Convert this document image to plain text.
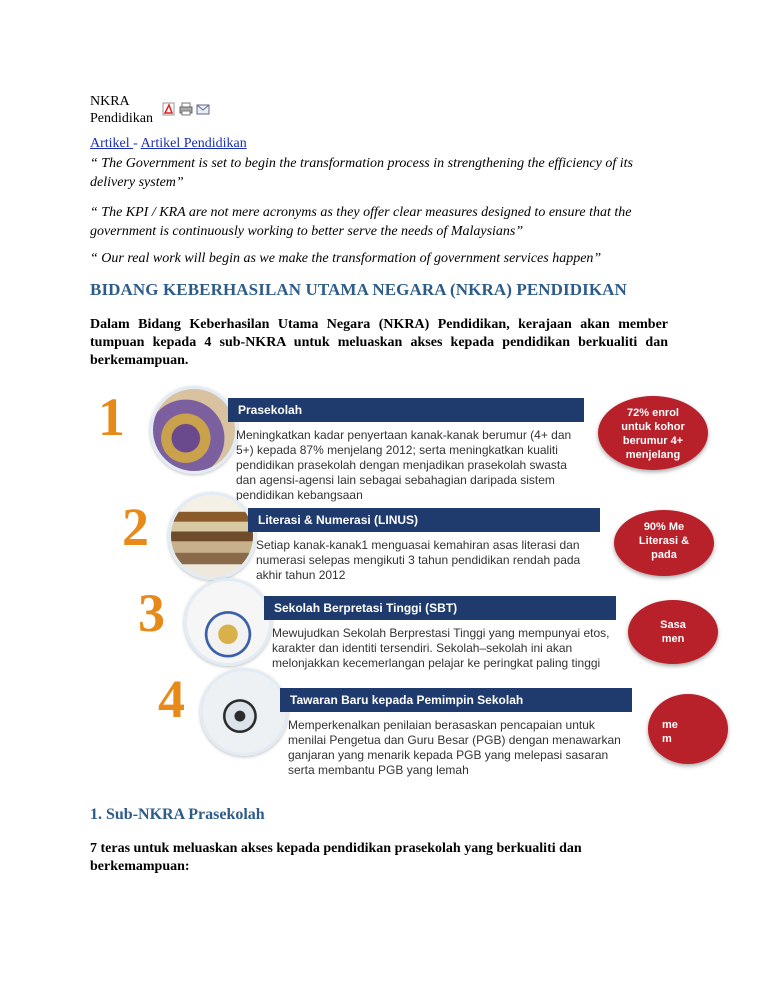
NKRA
Pendidikan
Artikel - Artikel Pendidikan
“ The Government is set to begin the transformation process in strengthening the efficiency of its delivery system”
“ The KPI / KRA are not mere acronyms as they offer clear measures designed to ensure that the government is continuously working to better serve the needs of Malaysians”
“ Our real work will begin as we make the transformation of government services happen”
BIDANG KEBERHASILAN UTAMA NEGARA (NKRA) PENDIDIKAN
Dalam Bidang Keberhasilan Utama Negara (NKRA) Pendidikan, kerajaan akan member tumpuan kepada 4 sub-NKRA untuk meluaskan akses kepada pendidikan berkualiti dan berkemampuan.
1. Sub-NKRA Prasekolah
7 teras untuk meluaskan akses kepada pendidikan prasekolah yang berkualiti dan berkemampuan:
1	Prasekolah
Meningkatkan kadar penyertaan kanak-kanak berumur (4+ dan
5+) kepada 87% menjelang 2012; serta meningkatkan kualiti
pendidikan prasekolah dengan menjadikan prasekolah swasta
dan agensi-agensi lain sebagai sebahagian daripada sistem
pendidikan kebangsaan
72% enrol
untuk kohor
berumur 4+
menjelang
2	Literasi & Numerasi (LINUS)
Setiap kanak-kanak1 menguasai kemahiran asas literasi dan
numerasi selepas mengikuti 3 tahun pendidikan rendah pada
akhir tahun 2012
90% Me
Literasi &
pada
3	Sekolah Berpretasi Tinggi (SBT)
Mewujudkan Sekolah Berprestasi Tinggi yang mempunyai etos,
karakter dan identiti tersendiri. Sekolah–sekolah ini akan
melonjakkan kecemerlangan pelajar ke peringkat paling tinggi
Sasa
men
4	Tawaran Baru kepada Pemimpin Sekolah
Memperkenalkan penilaian berasaskan pencapaian untuk
menilai Pengetua dan Guru Besar (PGB) dengan menawarkan
ganjaran yang menarik kepada PGB yang melepasi sasaran
serta membantu PGB yang lemah
me
m
